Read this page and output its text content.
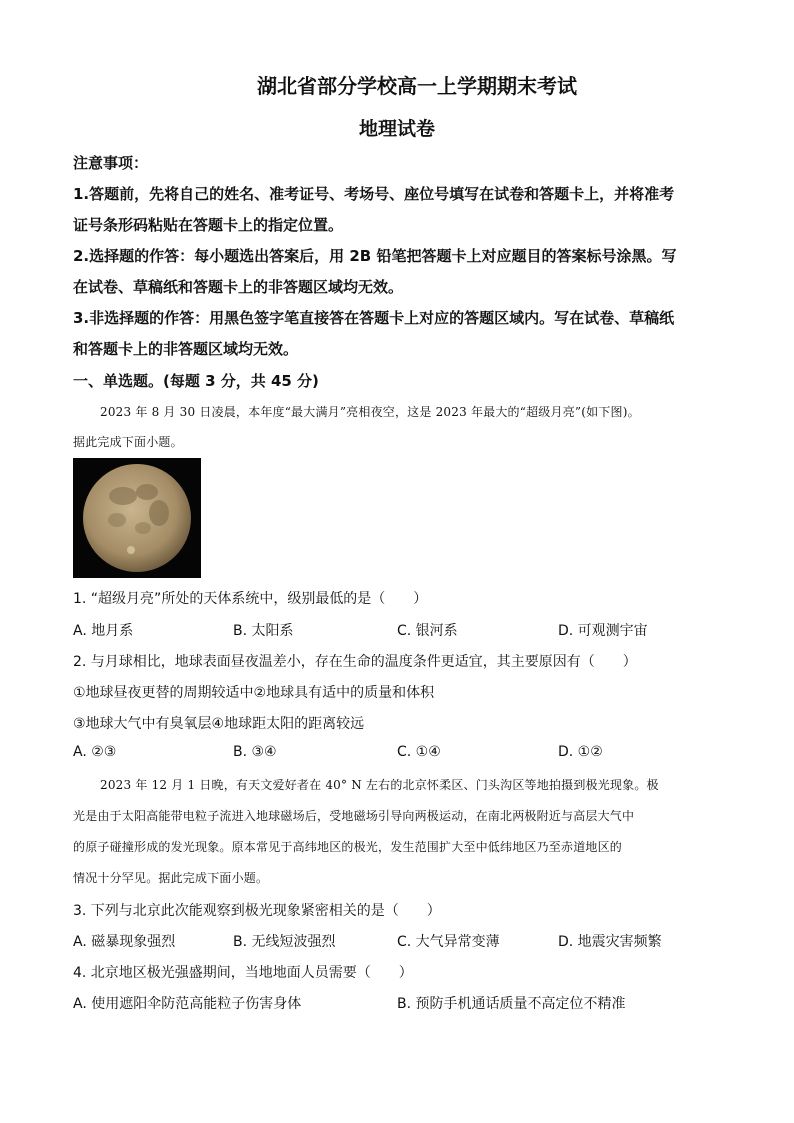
湖北省部分学校高一上学期期末考试
地理试卷
注意事项：
1.答题前，先将自己的姓名、准考证号、考场号、座位号填写在试卷和答题卡上，并将准考
证号条形码粘贴在答题卡上的指定位置。
2.选择题的作答：每小题选出答案后，用 2B 铅笔把答题卡上对应题目的答案标号涂黑。写
在试卷、草稿纸和答题卡上的非答题区域均无效。
3.非选择题的作答：用黑色签字笔直接答在答题卡上对应的答题区域内。写在试卷、草稿纸
和答题卡上的非答题区域均无效。
一、单选题。(每题 3 分，共 45 分)
2023 年 8 月 30 日凌晨，本年度“最大满月”亮相夜空，这是 2023 年最大的“超级月亮”(如下图)。
据此完成下面小题。
1. “超级月亮”所处的天体系统中，级别最低的是（　　）
A. 地月系	B. 太阳系	C. 银河系	D. 可观测宇宙
2. 与月球相比，地球表面昼夜温差小，存在生命的温度条件更适宜，其主要原因有（　　）
①地球昼夜更替的周期较适中②地球具有适中的质量和体积
③地球大气中有臭氧层④地球距太阳的距离较远
A. ②③	B. ③④	C. ①④	D. ①②
2023 年 12 月 1 日晚，有天文爱好者在 40° N 左右的北京怀柔区、门头沟区等地拍摄到极光现象。极
光是由于太阳高能带电粒子流进入地球磁场后，受地磁场引导向两极运动，在南北两极附近与高层大气中
的原子碰撞形成的发光现象。原本常见于高纬地区的极光，发生范围扩大至中低纬地区乃至赤道地区的
情况十分罕见。据此完成下面小题。
3. 下列与北京此次能观察到极光现象紧密相关的是（　　）
A. 磁暴现象强烈	B. 无线短波强烈	C. 大气异常变薄	D. 地震灾害频繁
4. 北京地区极光强盛期间，当地地面人员需要（　　）
A. 使用遮阳伞防范高能粒子伤害身体	B. 预防手机通话质量不高定位不精准
